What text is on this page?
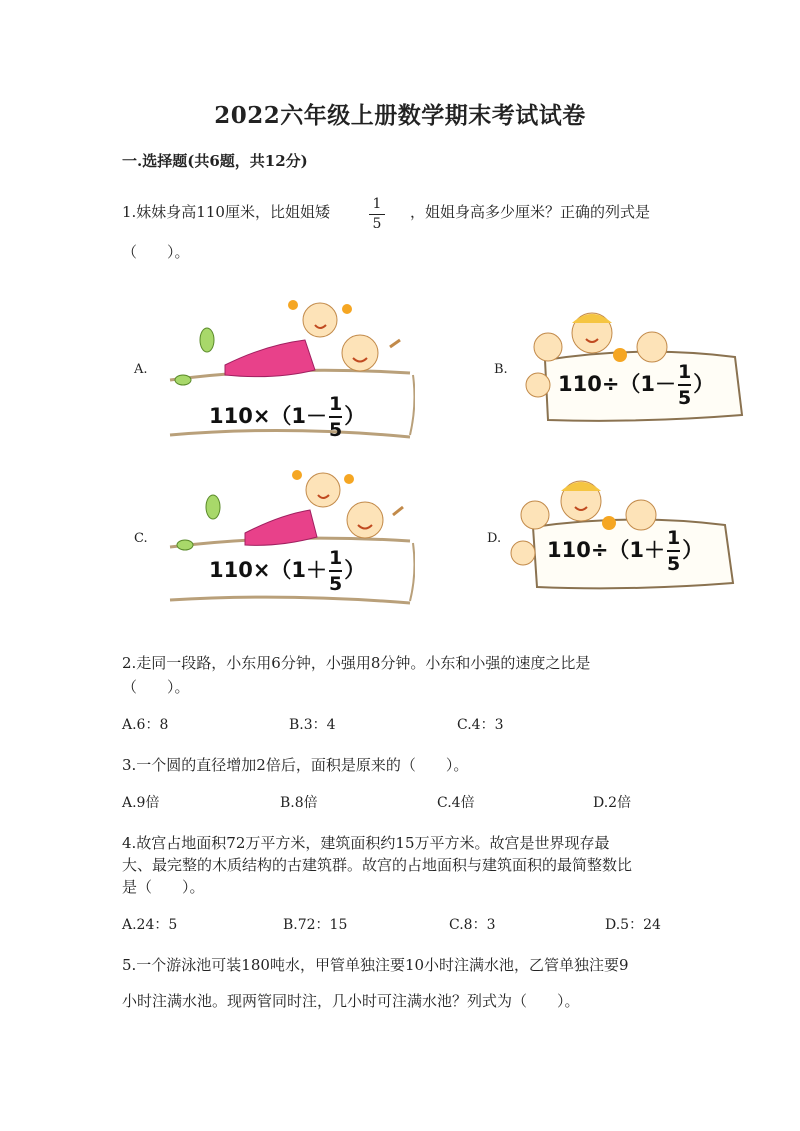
2022六年级上册数学期末考试试卷
一.选择题(共6题，共12分)
1.妹妹身高110厘米，比姐姐矮	1
5
，姐姐身高多少厘米？正确的列式是
（　　）。
A.
$110\times(1- \frac{1}{5}$ ）
B.
$110\div(1- \frac{1}{5}$ ）
C.
$110\times(1+ \frac{1}{5}$ ）
D. $110\div(1+ \frac{1}{5}$ ）
2.走同一段路，小东用6分钟，小强用8分钟。小东和小强的速度之比是
（　　）。
A.6：8	B.3：4	C.4：3
3.一个圆的直径增加2倍后，面积是原来的（　　）。
A.9倍	B.8倍	C.4倍	D.2倍
4.故宫占地面积72万平方米，建筑面积约15万平方米。故宫是世界现存最
大、最完整的木质结构的古建筑群。故宫的占地面积与建筑面积的最简整数比
是（　　）。
A.24：5	B.72：15	C.8：3	D.5：24
5.一个游泳池可装180吨水，甲管单独注要10小时注满水池，乙管单独注要9
小时注满水池。现两管同时注，几小时可注满水池？列式为（　　）。
